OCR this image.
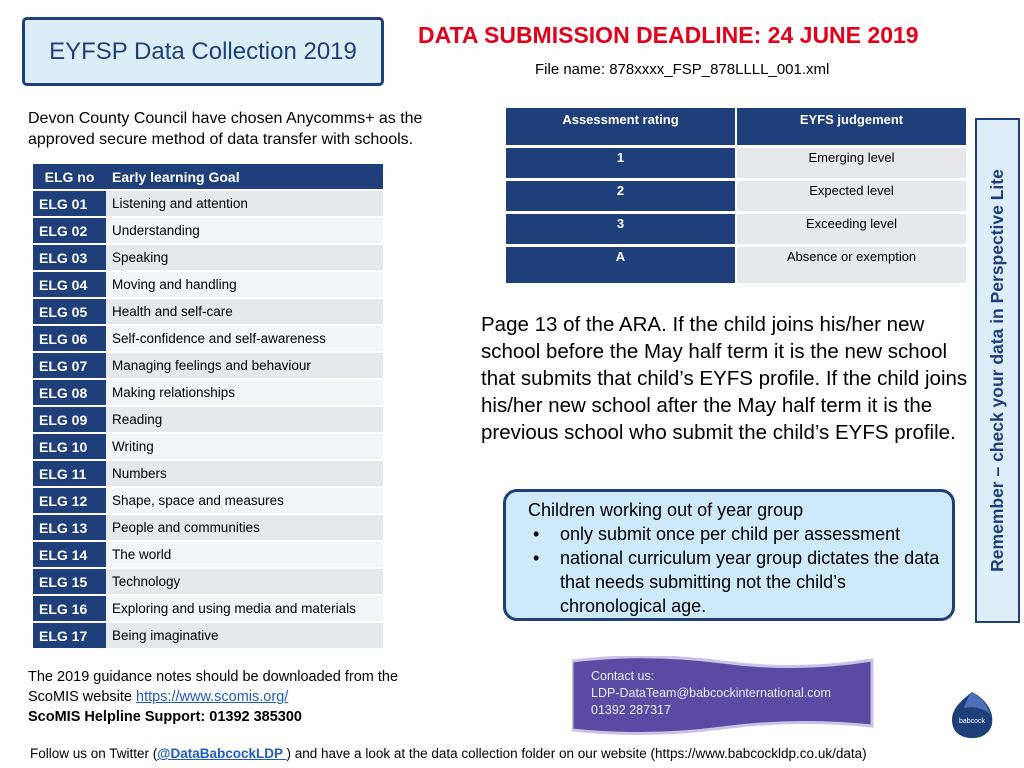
EYFSP Data Collection 2019
DATA SUBMISSION DEADLINE: 24 JUNE 2019
File name: 878xxxx_FSP_878LLLL_001.xml
Devon County Council have chosen Anycomms+ as the approved secure method of data transfer with schools.
ELG no	Early learning Goal
ELG 01	Listening and attention
ELG 02	Understanding
ELG 03	Speaking
ELG 04	Moving and handling
ELG 05	Health and self-care
ELG 06	Self-confidence and self-awareness
ELG 07	Managing feelings and behaviour
ELG 08	Making relationships
ELG 09	Reading
ELG 10	Writing
ELG 11	Numbers
ELG 12	Shape, space and measures
ELG 13	People and communities
ELG 14	The world
ELG 15	Technology
ELG 16	Exploring and using media and materials
ELG 17	Being imaginative
Assessment rating	EYFS judgement
1	Emerging level
2	Expected level
3	Exceeding level
A	Absence or exemption
Page 13 of the ARA. If the child joins his/her new school before the May half term it is the new school that submits that child’s EYFS profile. If the child joins his/her new school after the May half term it is the previous school who submit the child’s EYFS profile.
Children working out of year group
• only submit once per child per assessment
• national curriculum year group dictates the data that needs submitting not the child’s chronological age.
Remember – check your data in Perspective Lite
The 2019 guidance notes should be downloaded from the
ScoMIS website https://www.scomis.org/
ScoMIS Helpline Support: 01392 385300
Contact us:
LDP-DataTeam@babcockinternational.com
01392 287317
babcock
Follow us on Twitter (@DataBabcockLDP ) and have a look at the data collection folder on our website (https://www.babcockldp.co.uk/data)
